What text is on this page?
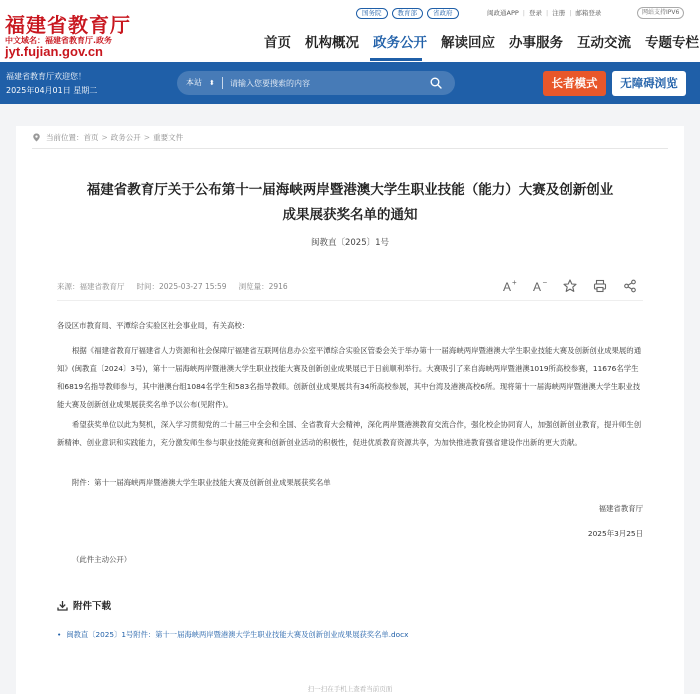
福建省教育厅
中文域名：福建省教育厅.政务
jyt.fujian.gov.cn
国务院	教育部	省政府	闽政通APP | 登录 | 注册 | 邮箱登录	网站支持IPV6
首页 机构概况 政务公开 解读回应 办事服务 互动交流 专题专栏
福建省教育厅欢迎您！
2025年04月01日 星期二
本站 ⬍
请输入您要搜索的内容	长者模式	无障碍浏览
当前位置： 首页 > 政务公开 > 重要文件
福建省教育厅关于公布第十一届海峡两岸暨港澳大学生职业技能（能力）大赛及创新创业
成果展获奖名单的通知
闽教直〔2025〕1号
来源：福建省教育厅 时间：2025-03-27 15:59 浏览量：2916	A + A −

各设区市教育局、平潭综合实验区社会事业局，有关高校：

根据《福建省教育厅福建省人力资源和社会保障厅福建省互联网信息办公室平潭综合实验区管委会关于举办第十一届海峡两岸暨港澳大学生职业技能大赛及创新创业成果展的通知》(闽教直〔2024〕3号)，第十一届海峡两岸暨港澳大学生职业技能大赛及创新创业成果展已于日前顺利举行。大赛吸引了来自海峡两岸暨港澳1019所高校参赛，11676名学生和6819名指导教师参与，其中港澳台组1084名学生和583名指导教师。创新创业成果展共有34所高校参展，其中台湾及港澳高校6所。现将第十一届海峡两岸暨港澳大学生职业技能大赛及创新创业成果展获奖名单予以公布(见附件)。

希望获奖单位以此为契机，深入学习贯彻党的二十届三中全会和全国、全省教育大会精神，深化两岸暨港澳教育交流合作，强化校企协同育人，加强创新创业教育，提升师生创新精神、创业意识和实践能力，充分激发师生参与职业技能竞赛和创新创业活动的积极性，促进优质教育资源共享，为加快推进教育强省建设作出新的更大贡献。

附件：第十一届海峡两岸暨港澳大学生职业技能大赛及创新创业成果展获奖名单

福建省教育厅

2025年3月25日

（此件主动公开）

附件下载
• 闽教直〔2025〕1号附件：第十一届海峡两岸暨港澳大学生职业技能大赛及创新创业成果展获奖名单.docx
扫一扫在手机上查看当前页面
